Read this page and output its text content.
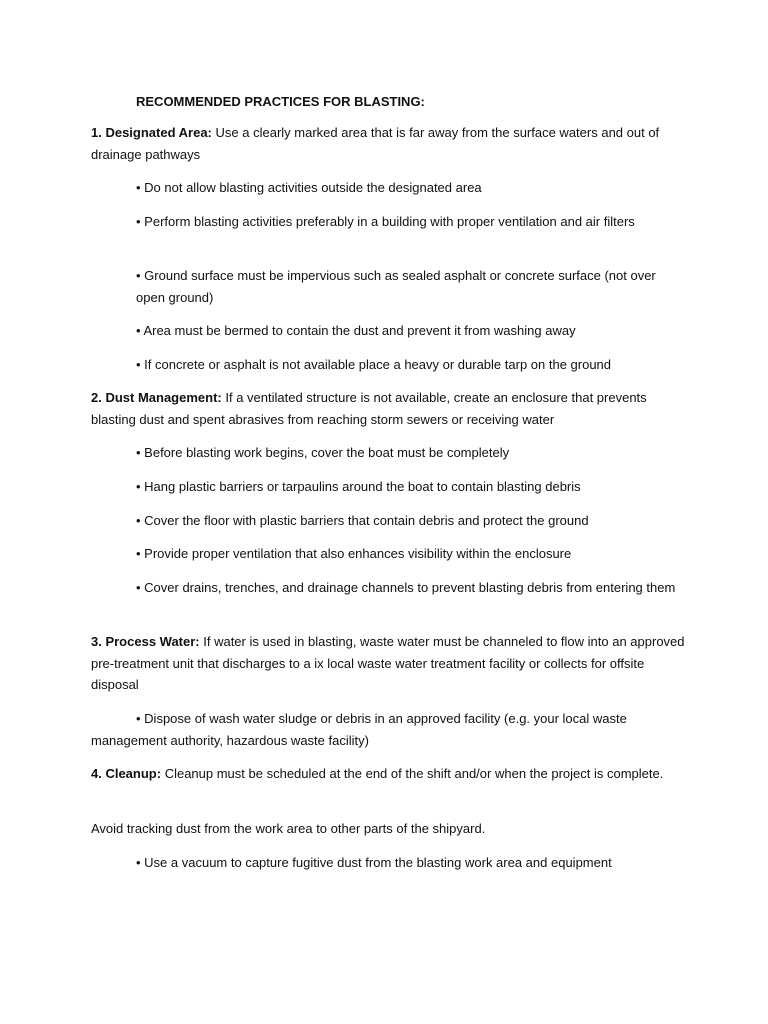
RECOMMENDED PRACTICES FOR BLASTING:

1. Designated Area: Use a clearly marked area that is far away from the surface waters and out of drainage pathways

• Do not allow blasting activities outside the designated area

• Perform blasting activities preferably in a building with proper ventilation and air filters

• Ground surface must be impervious such as sealed asphalt or concrete surface (not over open ground)

• Area must be bermed to contain the dust and prevent it from washing away

• If concrete or asphalt is not available place a heavy or durable tarp on the ground

2. Dust Management: If a ventilated structure is not available, create an enclosure that prevents blasting dust and spent abrasives from reaching storm sewers or receiving water

• Before blasting work begins, cover the boat must be completely

• Hang plastic barriers or tarpaulins around the boat to contain blasting debris

• Cover the floor with plastic barriers that contain debris and protect the ground

• Provide proper ventilation that also enhances visibility within the enclosure

• Cover drains, trenches, and drainage channels to prevent blasting debris from entering them

3. Process Water: If water is used in blasting, waste water must be channeled to flow into an approved pre-treatment unit that discharges to a ix local waste water treatment facility or collects for offsite disposal

• Dispose of wash water sludge or debris in an approved facility (e.g. your local waste management authority, hazardous waste facility)

4. Cleanup: Cleanup must be scheduled at the end of the shift and/or when the project is complete.

Avoid tracking dust from the work area to other parts of the shipyard.

• Use a vacuum to capture fugitive dust from the blasting work area and equipment
